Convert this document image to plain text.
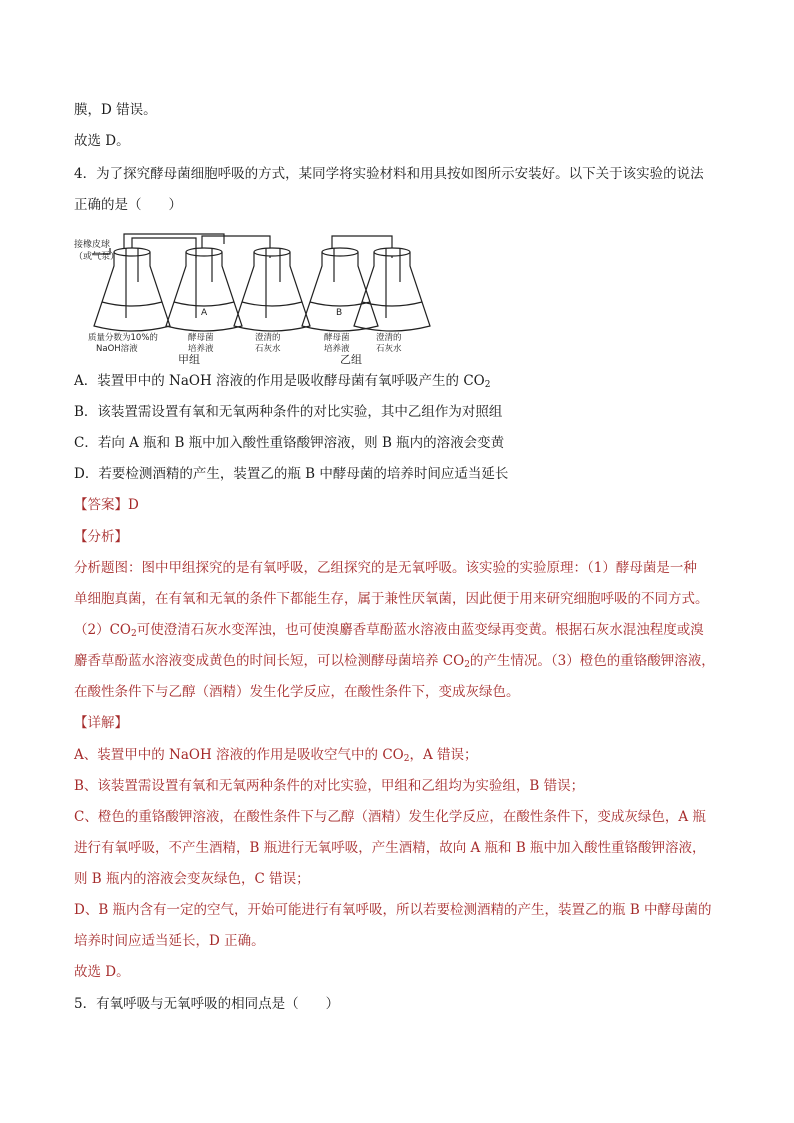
膜，D 错误。
故选 D。
4．为了探究酵母菌细胞呼吸的方式，某同学将实验材料和用具按如图所示安装好。以下关于该实验的说法
正确的是（　　）
接橡皮球
（或气泵）
A	B
质量分数为10%的
NaOH溶液
酵母菌
培养液
澄清的
石灰水
酵母菌
培养液
澄清的
石灰水
甲组	乙组
A．装置甲中的 NaOH 溶液的作用是吸收酵母菌有氧呼吸产生的 $CO_2$
B．该装置需设置有氧和无氧两种条件的对比实验，其中乙组作为对照组
C．若向 A 瓶和 B 瓶中加入酸性重铬酸钾溶液，则 B 瓶内的溶液会变黄
D．若要检测酒精的产生，装置乙的瓶 B 中酵母菌的培养时间应适当延长
【答案】D
【分析】
分析题图：图中甲组探究的是有氧呼吸，乙组探究的是无氧呼吸。该实验的实验原理：（1）酵母菌是一种
单细胞真菌，在有氧和无氧的条件下都能生存，属于兼性厌氧菌，因此便于用来研究细胞呼吸的不同方式。
$(2)CO_2$可使澄清石灰水变浑浊，也可使溴麝香草酚蓝水溶液由蓝变绿再变黄。根据石灰水混浊程度或溴
麝香草酚蓝水溶液变成黄色的时间长短，可以检测酵母菌培养 $CO_2$的产生情况。（3）橙色的重铬酸钾溶液，
在酸性条件下与乙醇（酒精）发生化学反应，在酸性条件下，变成灰绿色。
【详解】
A、装置甲中的 NaOH 溶液的作用是吸收空气中的 $CO_2$，A 错误；
B、该装置需设置有氧和无氧两种条件的对比实验，甲组和乙组均为实验组，B 错误；
C、橙色的重铬酸钾溶液，在酸性条件下与乙醇（酒精）发生化学反应，在酸性条件下，变成灰绿色，A 瓶
进行有氧呼吸，不产生酒精，B 瓶进行无氧呼吸，产生酒精，故向 A 瓶和 B 瓶中加入酸性重铬酸钾溶液，
则 B 瓶内的溶液会变灰绿色，C 错误；
D、B 瓶内含有一定的空气，开始可能进行有氧呼吸，所以若要检测酒精的产生，装置乙的瓶 B 中酵母菌的
培养时间应适当延长，D 正确。
故选 D。
5．有氧呼吸与无氧呼吸的相同点是（　　）
